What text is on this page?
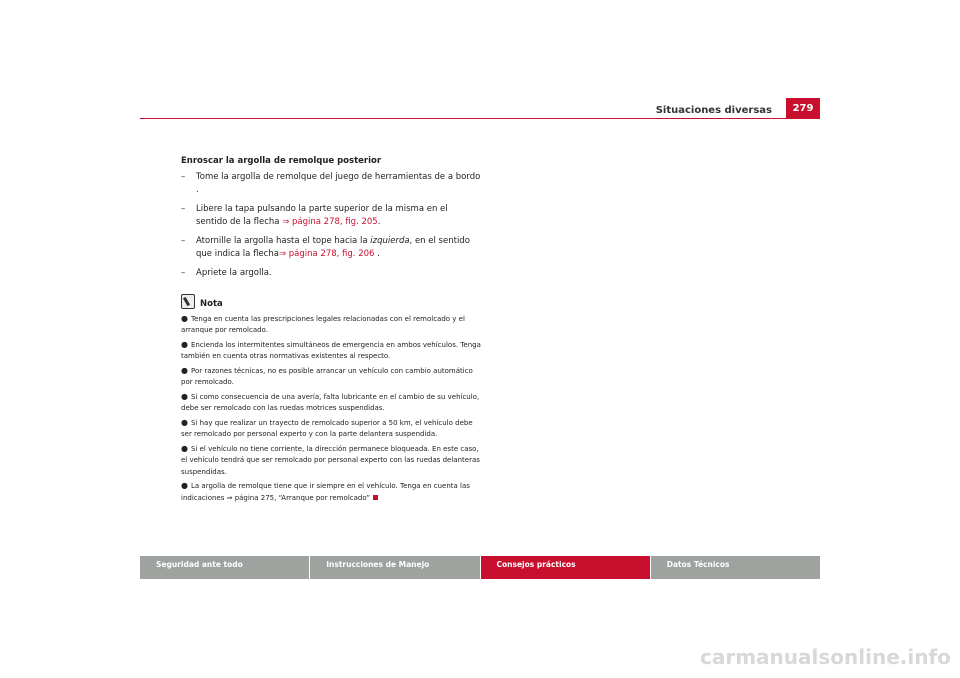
Situaciones diversas	279
Enroscar la argolla de remolque posterior
– Tome la argolla de remolque del juego de herramientas de a bordo .
– Libere la tapa pulsando la parte superior de la misma en el sentido de la flecha ⇒ página 278, fig. 205.
– Atornille la argolla hasta el tope hacia la izquierda, en el sentido que indica la flecha⇒ página 278, fig. 206 .
– Apriete la argolla.
Nota
● Tenga en cuenta las prescripciones legales relacionadas con el remolcado y el arranque por remolcado.
● Encienda los intermitentes simultáneos de emergencia en ambos vehículos. Tenga también en cuenta otras normativas existentes al respecto.
● Por razones técnicas, no es posible arrancar un vehículo con cambio automático por remolcado.
● Si como consecuencia de una avería, falta lubricante en el cambio de su vehículo, debe ser remolcado con las ruedas motrices suspendidas.
● Si hay que realizar un trayecto de remolcado superior a 50 km, el vehículo debe ser remolcado por personal experto y con la parte delantera suspendida.
● Si el vehículo no tiene corriente, la dirección permanece bloqueada. En este caso, el vehículo tendrá que ser remolcado por personal experto con las ruedas delanteras suspendidas.
● La argolla de remolque tiene que ir siempre en el vehículo. Tenga en cuenta las indicaciones ⇒ página 275, “Arranque por remolcado”
Seguridad ante todo	Instrucciones de Manejo	Consejos prácticos	Datos Técnicos
carmanualsonline.info
